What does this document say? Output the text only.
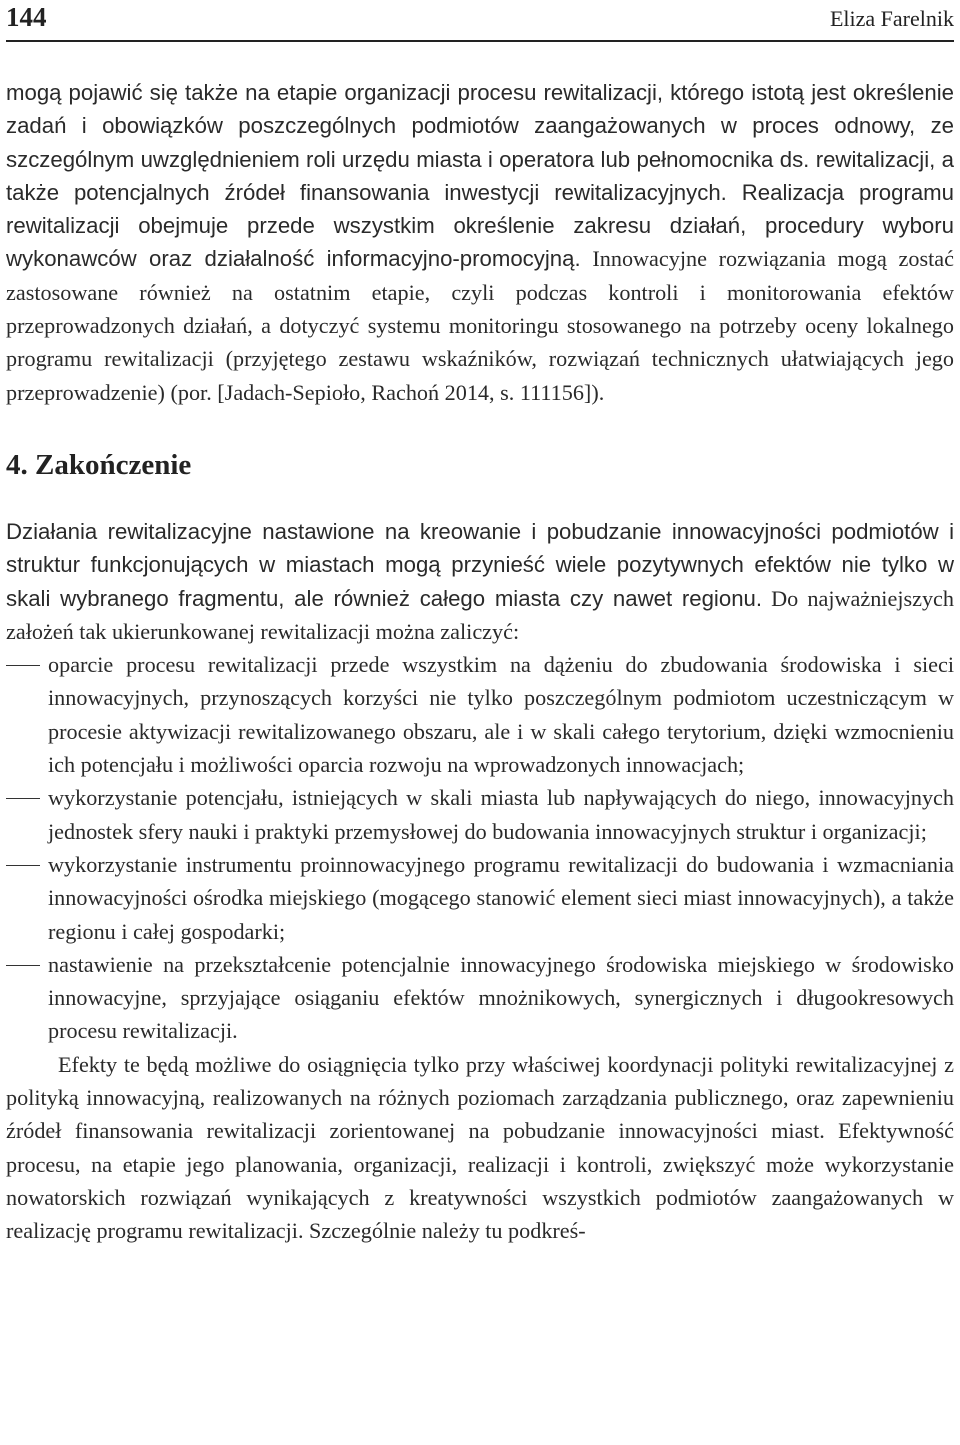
144	Eliza Farelnik

mogą pojawić się także na etapie organizacji procesu rewitalizacji, którego istotą jest określenie zadań i obowiązków poszczególnych podmiotów zaangażowanych w proces odnowy, ze szczególnym uwzględnieniem roli urzędu miasta i operatora lub pełnomocnika ds. rewitalizacji, a także potencjalnych źródeł finansowania inwestycji rewitalizacyjnych. Realizacja programu rewitalizacji obejmuje przede wszystkim określenie zakresu działań, procedury wyboru wykonawców oraz działalność informacyjno-promocyjną. Innowacyjne rozwiązania mogą zostać zastosowane również na ostatnim etapie, czyli podczas kontroli i monitorowania efektów przeprowadzonych działań, a dotyczyć systemu monitoringu stosowanego na potrzeby oceny lokalnego programu rewitalizacji (przyjętego zestawu wskaźników, rozwiązań technicznych ułatwiających jego przeprowadzenie) (por. [Jadach-Sepioło, Rachoń 2014, s. 111156]).

4. Zakończenie

Działania rewitalizacyjne nastawione na kreowanie i pobudzanie innowacyjności podmiotów i struktur funkcjonujących w miastach mogą przynieść wiele pozytywnych efektów nie tylko w skali wybranego fragmentu, ale również całego miasta czy nawet regionu. Do najważniejszych założeń tak ukierunkowanej rewitalizacji można zaliczyć:

oparcie procesu rewitalizacji przede wszystkim na dążeniu do zbudowania środowiska i sieci innowacyjnych, przynoszących korzyści nie tylko poszczególnym podmiotom uczestniczącym w procesie aktywizacji rewitalizowanego obszaru, ale i w skali całego terytorium, dzięki wzmocnieniu ich potencjału i możliwości oparcia rozwoju na wprowadzonych innowacjach;
wykorzystanie potencjału, istniejących w skali miasta lub napływających do niego, innowacyjnych jednostek sfery nauki i praktyki przemysłowej do budowania innowacyjnych struktur i organizacji;
wykorzystanie instrumentu proinnowacyjnego programu rewitalizacji do budowania i wzmacniania innowacyjności ośrodka miejskiego (mogącego stanowić element sieci miast innowacyjnych), a także regionu i całej gospodarki;
nastawienie na przekształcenie potencjalnie innowacyjnego środowiska miejskiego w środowisko innowacyjne, sprzyjające osiąganiu efektów mnożnikowych, synergicznych i długookresowych procesu rewitalizacji.

Efekty te będą możliwe do osiągnięcia tylko przy właściwej koordynacji polityki rewitalizacyjnej z polityką innowacyjną, realizowanych na różnych poziomach zarządzania publicznego, oraz zapewnieniu źródeł finansowania rewitalizacji zorientowanej na pobudzanie innowacyjności miast. Efektywność procesu, na etapie jego planowania, organizacji, realizacji i kontroli, zwiększyć może wykorzystanie nowatorskich rozwiązań wynikających z kreatywności wszystkich podmiotów zaangażowanych w realizację programu rewitalizacji. Szczególnie należy tu podkreś-
